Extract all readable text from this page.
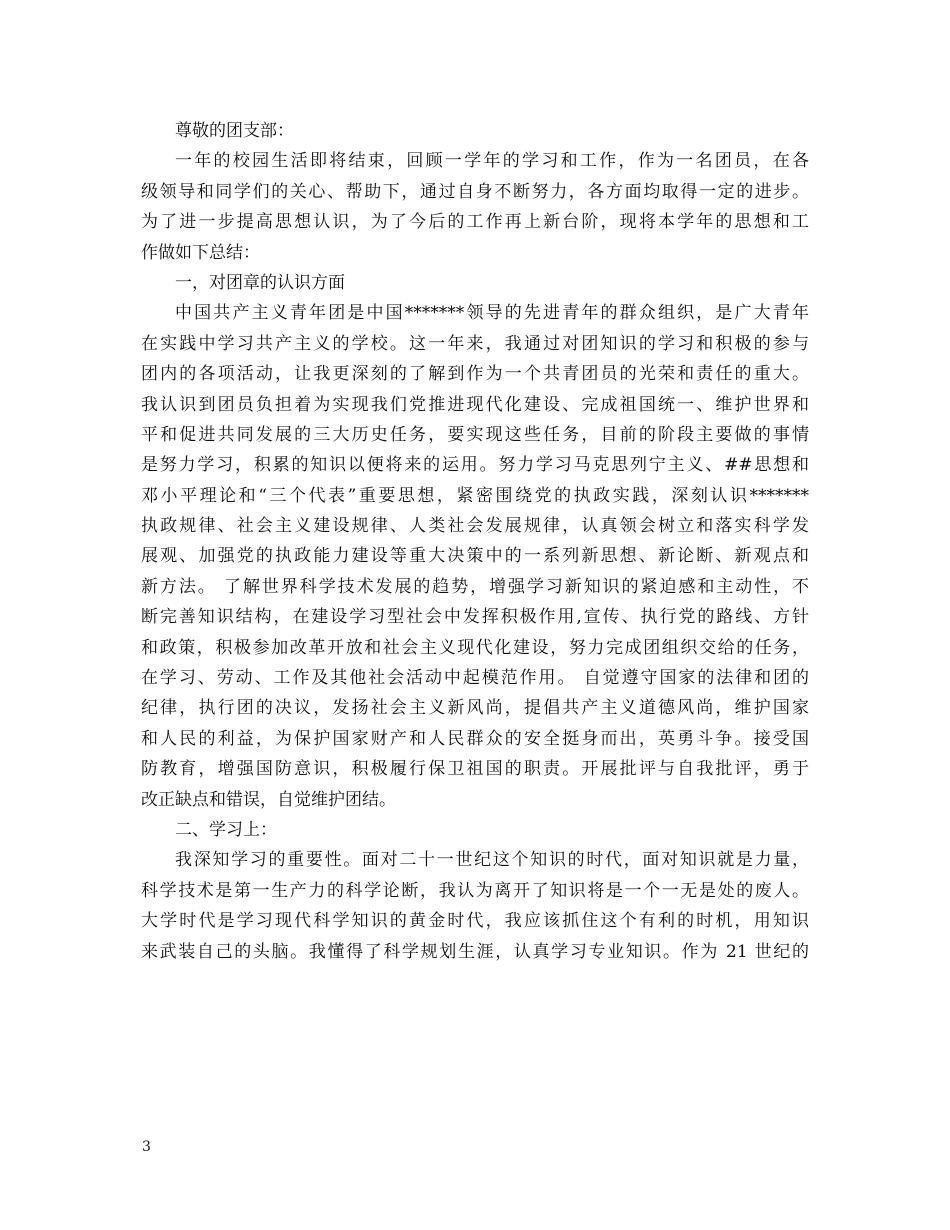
尊敬的团支部：
一年的校园生活即将结束，回顾一学年的学习和工作，作为一名团员，在各
级领导和同学们的关心、帮助下，通过自身不断努力，各方面均取得一定的进步。
为了进一步提高思想认识，为了今后的工作再上新台阶，现将本学年的思想和工
作做如下总结：
一，对团章的认识方面
中国共产主义青年团是中国*******领导的先进青年的群众组织，是广大青年
在实践中学习共产主义的学校。这一年来，我通过对团知识的学习和积极的参与
团内的各项活动，让我更深刻的了解到作为一个共青团员的光荣和责任的重大。
我认识到团员负担着为实现我们党推进现代化建设、完成祖国统一、维护世界和
平和促进共同发展的三大历史任务，要实现这些任务，目前的阶段主要做的事情
是努力学习，积累的知识以便将来的运用。努力学习马克思列宁主义、##思想和
邓小平理论和“三个代表”重要思想，紧密围绕党的执政实践，深刻认识*******
执政规律、社会主义建设规律、人类社会发展规律，认真领会树立和落实科学发
展观、加强党的执政能力建设等重大决策中的一系列新思想、新论断、新观点和
新方法。 了解世界科学技术发展的趋势，增强学习新知识的紧迫感和主动性，不
断完善知识结构，在建设学习型社会中发挥积极作用,宣传、执行党的路线、方针
和政策，积极参加改革开放和社会主义现代化建设，努力完成团组织交给的任务，
在学习、劳动、工作及其他社会活动中起模范作用。 自觉遵守国家的法律和团的
纪律，执行团的决议，发扬社会主义新风尚，提倡共产主义道德风尚，维护国家
和人民的利益，为保护国家财产和人民群众的安全挺身而出，英勇斗争。接受国
防教育，增强国防意识，积极履行保卫祖国的职责。开展批评与自我批评，勇于
改正缺点和错误，自觉维护团结。
二、学习上：
我深知学习的重要性。面对二十一世纪这个知识的时代，面对知识就是力量，
科学技术是第一生产力的科学论断，我认为离开了知识将是一个一无是处的废人。
大学时代是学习现代科学知识的黄金时代，我应该抓住这个有利的时机，用知识
来武装自己的头脑。我懂得了科学规划生涯，认真学习专业知识。作为 21 世纪的
3
